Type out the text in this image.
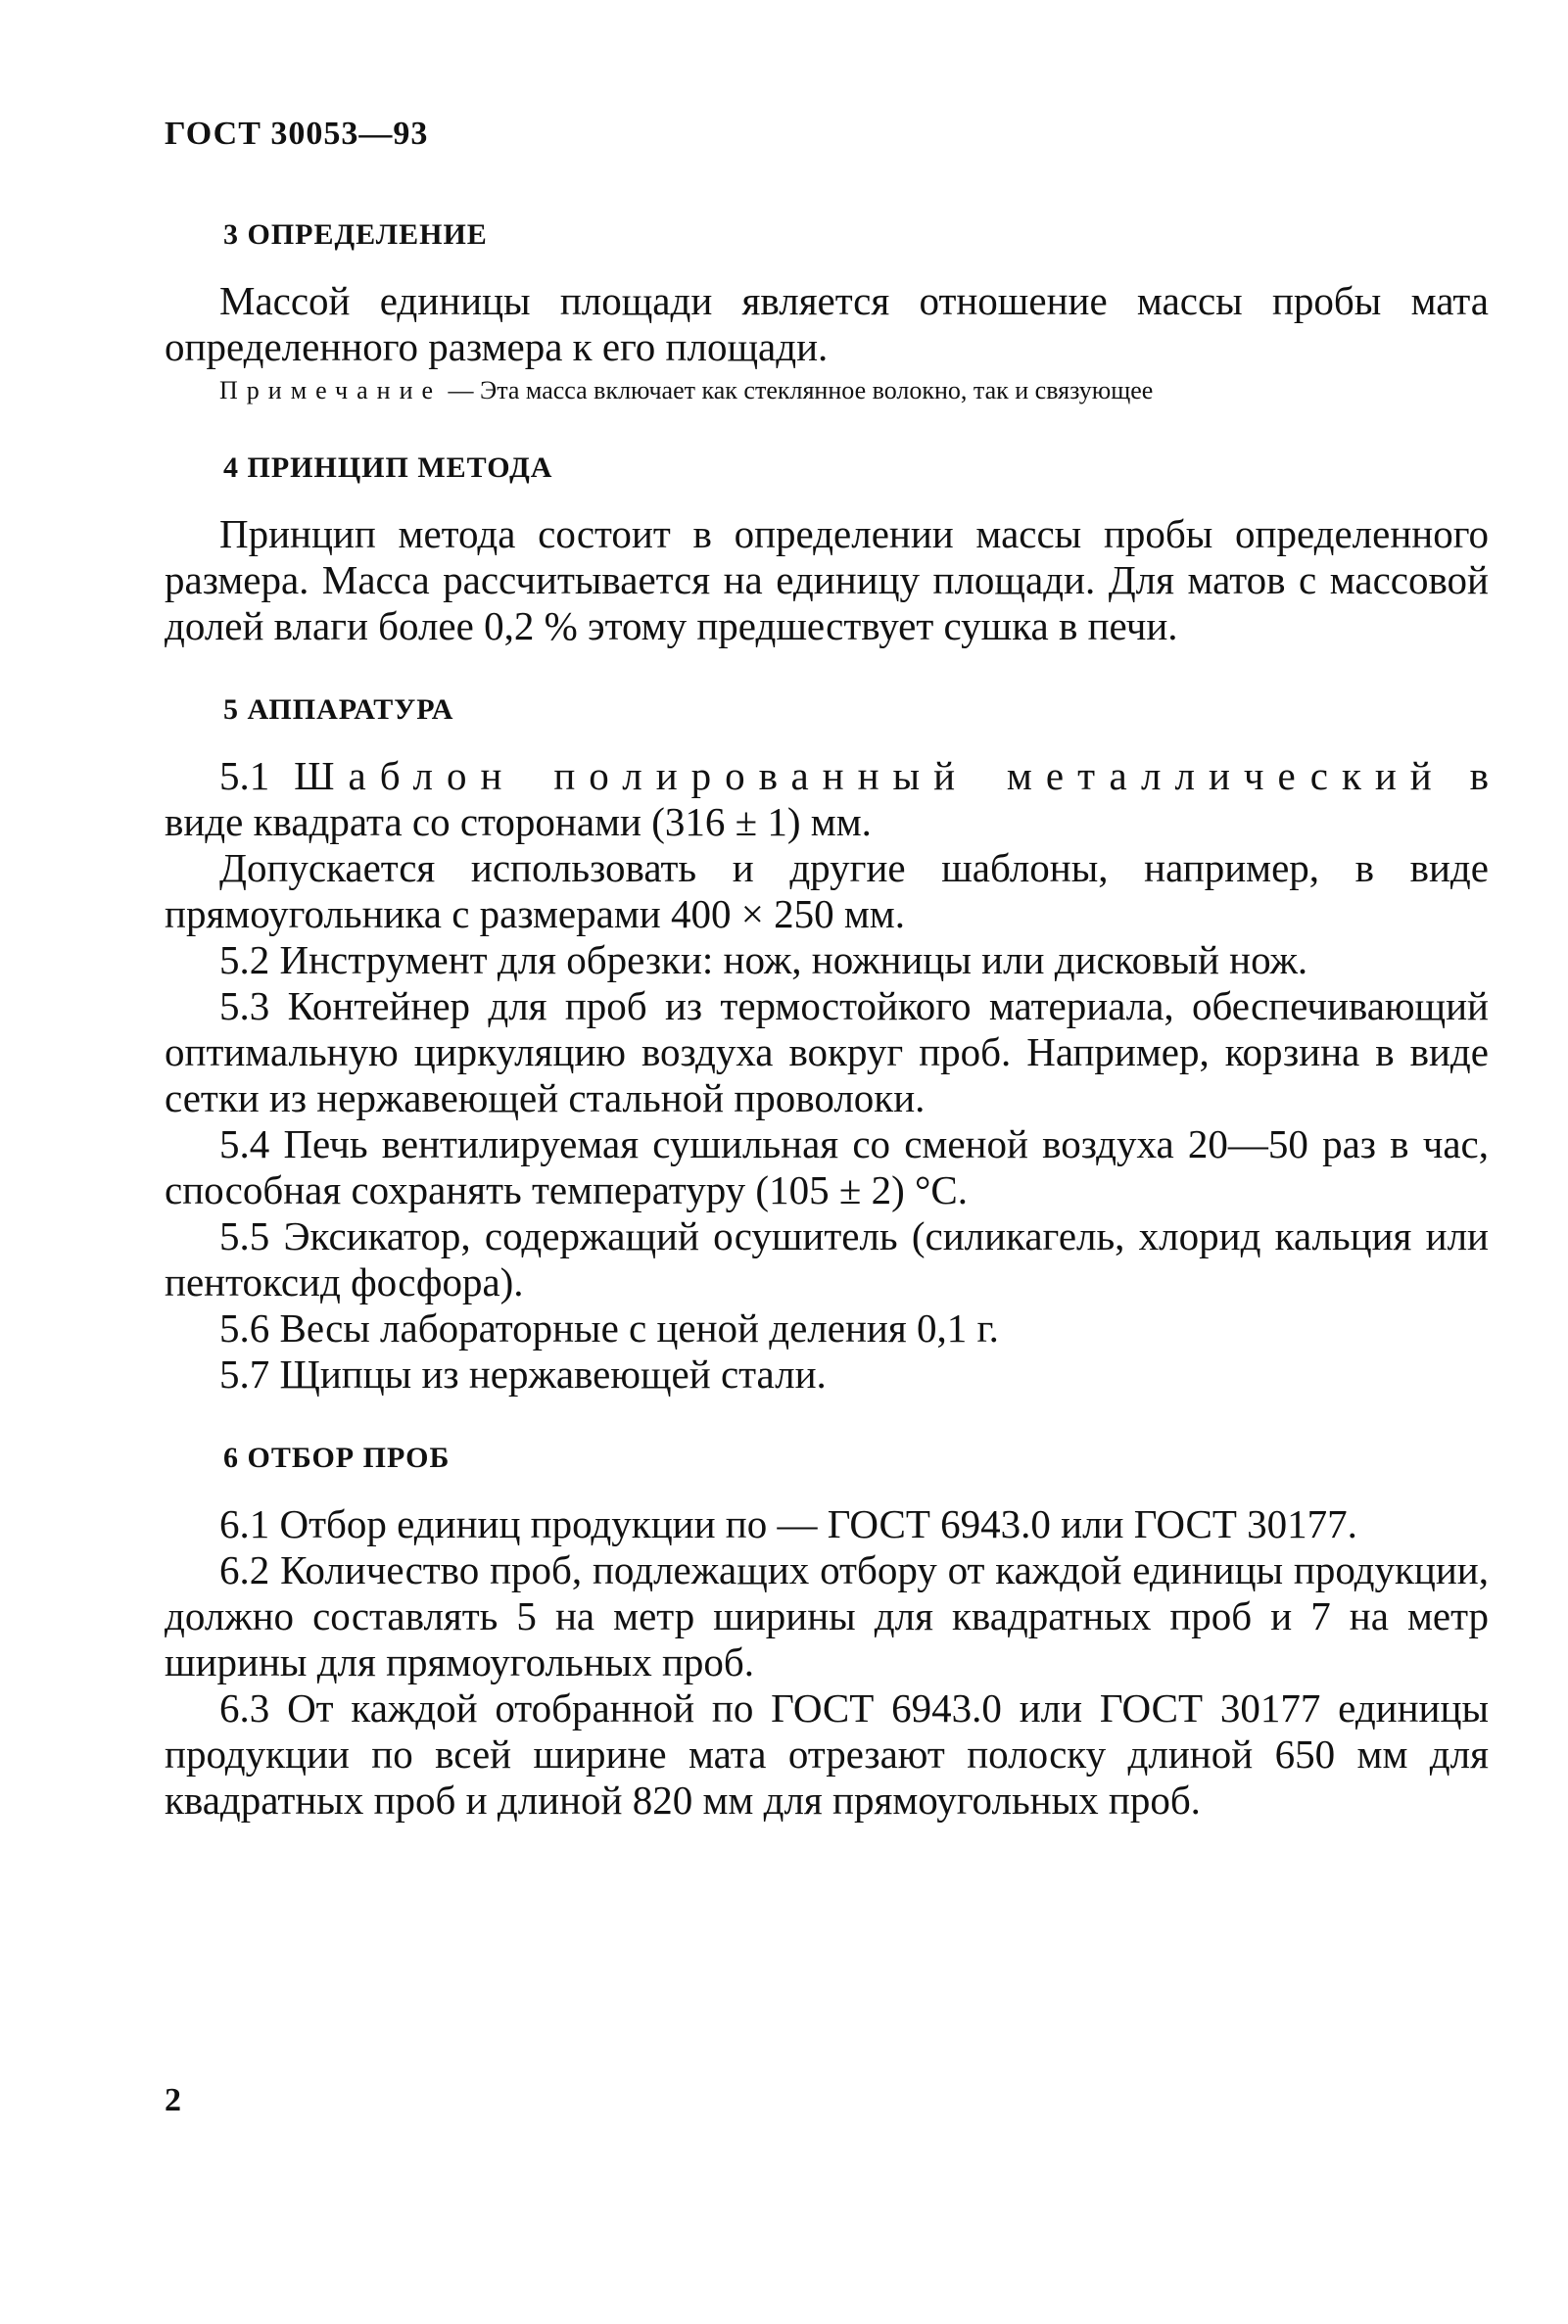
ГОСТ 30053—93
3 ОПРЕДЕЛЕНИЕ

Массой единицы площади является отношение массы пробы мата определенного размера к его площади.

Примечание — Эта масса включает как стеклянное волокно, так и связующее
4 ПРИНЦИП МЕТОДА

Принцип метода состоит в определении массы пробы определенного размера. Масса рассчитывается на единицу площади. Для матов с массовой долей влаги более 0,2 % этому предшествует сушка в печи.

5 АППАРАТУРА

5.1 Шаблон полированный металлический в виде квадрата со сторонами (316 ± 1) мм.

Допускается использовать и другие шаблоны, например, в виде прямоугольника с размерами 400 × 250 мм.

5.2 Инструмент для обрезки: нож, ножницы или дисковый нож.

5.3 Контейнер для проб из термостойкого материала, обеспечивающий оптимальную циркуляцию воздуха вокруг проб. Например, корзина в виде сетки из нержавеющей стальной проволоки.

5.4 Печь вентилируемая сушильная со сменой воздуха 20—50 раз в час, способная сохранять температуру (105 ± 2) °С.

5.5 Эксикатор, содержащий осушитель (силикагель, хлорид кальция или пентоксид фосфора).

5.6 Весы лабораторные с ценой деления 0,1 г.

5.7 Щипцы из нержавеющей стали.

6 ОТБОР ПРОБ

6.1 Отбор единиц продукции по — ГОСТ 6943.0 или ГОСТ 30177.

6.2 Количество проб, подлежащих отбору от каждой единицы продукции, должно составлять 5 на метр ширины для квадратных проб и 7 на метр ширины для прямоугольных проб.

6.3 От каждой отобранной по ГОСТ 6943.0 или ГОСТ 30177 единицы продукции по всей ширине мата отрезают полоску длиной 650 мм для квадратных проб и длиной 820 мм для прямоугольных проб.

2
